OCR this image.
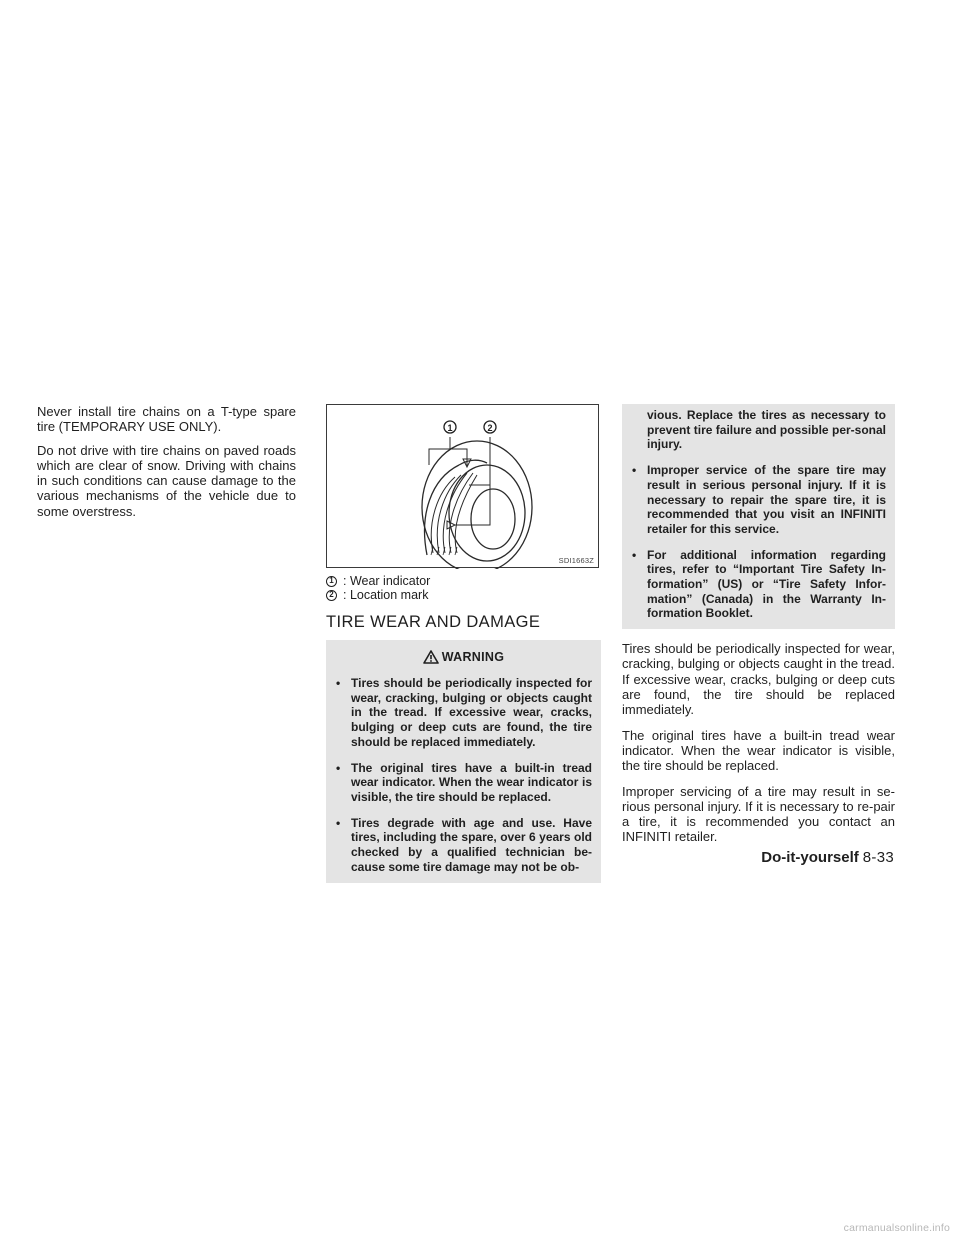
Never install tire chains on a T-type spare tire (TEMPORARY USE ONLY).

Do not drive with tire chains on paved roads which are clear of snow. Driving with chains in such conditions can cause damage to the various mechanisms of the vehicle due to some overstress.

1	2
SDI1663Z
1 : Wear indicator
2 : Location mark
TIRE WEAR AND DAMAGE
WARNING
• Tires should be periodically inspected for wear, cracking, bulging or objects caught in the tread. If excessive wear, cracks, bulging or deep cuts are found, the tire should be replaced immediately.
• The original tires have a built-in tread wear indicator. When the wear indicator is visible, the tire should be replaced.
• Tires degrade with age and use. Have tires, including the spare, over 6 years old checked by a qualified technician be-cause some tire damage may not be ob-
vious. Replace the tires as necessary to prevent tire failure and possible per-sonal injury.
• Improper service of the spare tire may result in serious personal injury. If it is necessary to repair the spare tire, it is recommended that you visit an INFINITI retailer for this service.
• For additional information regarding tires, refer to “Important Tire Safety In-formation” (US) or “Tire Safety Infor-mation” (Canada) in the Warranty In-formation Booklet.

Tires should be periodically inspected for wear, cracking, bulging or objects caught in the tread. If excessive wear, cracks, bulging or deep cuts are found, the tire should be replaced immediately.

The original tires have a built-in tread wear indicator. When the wear indicator is visible, the tire should be replaced.

Improper servicing of a tire may result in se-rious personal injury. If it is necessary to re-pair a tire, it is recommended you contact an INFINITI retailer.

Do-it-yourself 8-33
carmanualsonline.info
